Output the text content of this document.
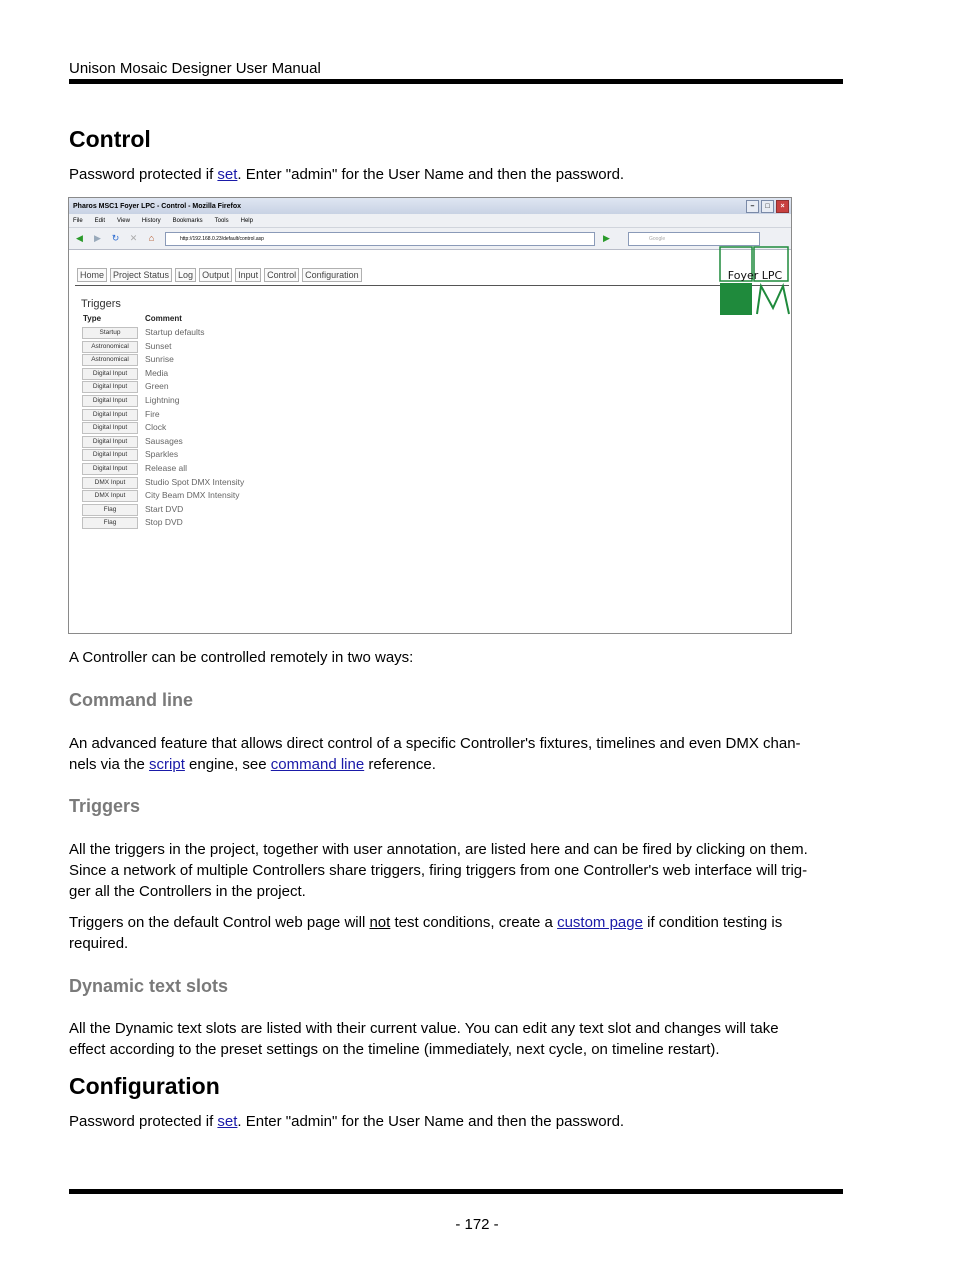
Unison Mosaic Designer User Manual
Control

Password protected if set. Enter "admin" for the User Name and then the password.

Pharos MSC1 Foyer LPC - Control - Mozilla Firefox	–	□	×
File Edit View History Bookmarks Tools Help
◀	▶	↻	✕	⌂	http://192.168.0.23/default/control.asp	▶	Google
Home	Project Status	Log	Output	Input	Control	Configuration	Foyer LPC
Triggers
Type	Comment
Startup	Startup defaults
Astronomical	Sunset
Astronomical	Sunrise
Digital Input	Media
Digital Input	Green
Digital Input	Lightning
Digital Input	Fire
Digital Input	Clock
Digital Input	Sausages
Digital Input	Sparkles
Digital Input	Release all
DMX Input	Studio Spot DMX Intensity
DMX Input	City Beam DMX Intensity
Flag	Start DVD
Flag	Stop DVD

A Controller can be controlled remotely in two ways:

Command line

An advanced feature that allows direct control of a specific Controller's fixtures, timelines and even DMX chan-
nels via the script engine, see command line reference.

Triggers

All the triggers in the project, together with user annotation, are listed here and can be fired by clicking on them.
Since a network of multiple Controllers share triggers, firing triggers from one Controller's web interface will trig-
ger all the Controllers in the project.

Triggers on the default Control web page will not test conditions, create a custom page if condition testing is
required.

Dynamic text slots

All the Dynamic text slots are listed with their current value. You can edit any text slot and changes will take
effect according to the preset settings on the timeline (immediately, next cycle, on timeline restart).

Configuration

Password protected if set. Enter "admin" for the User Name and then the password.

- 172 -
